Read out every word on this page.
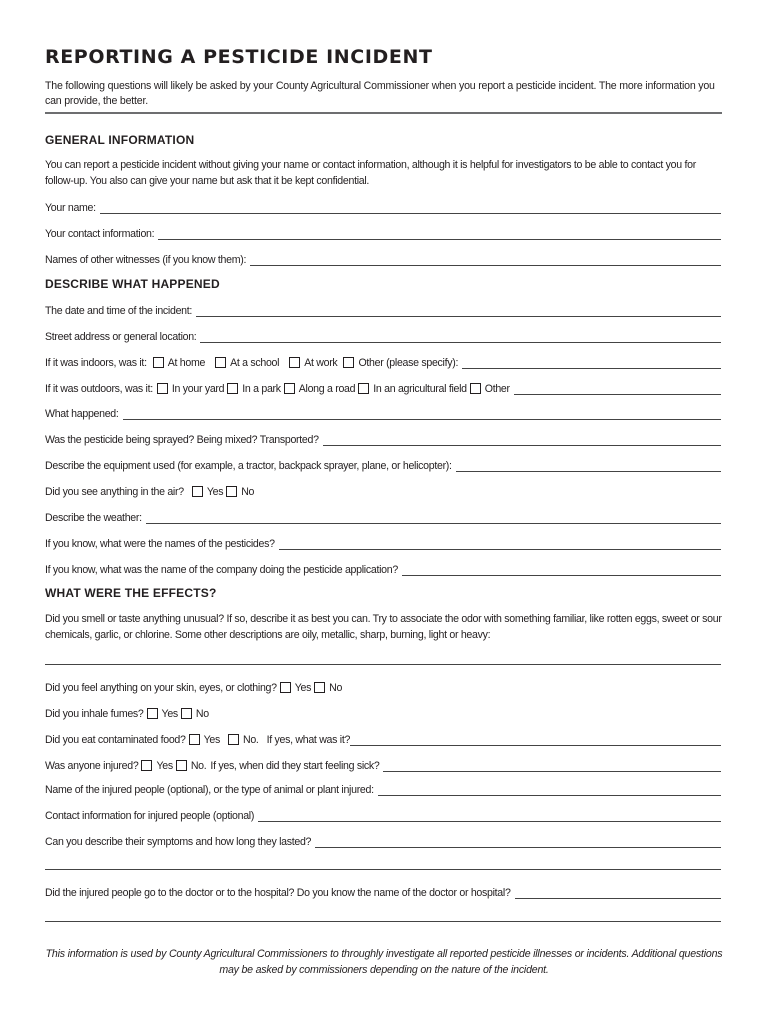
REPORTING A PESTICIDE INCIDENT

The following questions will likely be asked by your County Agricultural Commissioner when you report a pesticide incident. The more information you can provide, the better.

GENERAL INFORMATION

You can report a pesticide incident without giving your name or contact information, although it is helpful for investigators to be able to contact you for follow-up. You also can give your name but ask that it be kept confidential.

Your name:
Your contact information:
Names of other witnesses (if you know them):
DESCRIBE WHAT HAPPENED
The date and time of the incident:
Street address or general location:
If it was indoors, was it: At home At a school At work Other (please specify):
If it was outdoors, was it: In your yard In a park Along a road In an agricultural field Other
What happened:
Was the pesticide being sprayed? Being mixed? Transported?
Describe the equipment used (for example, a tractor, backpack sprayer, plane, or helicopter):
Did you see anything in the air? Yes No
Describe the weather:
If you know, what were the names of the pesticides?
If you know, what was the name of the company doing the pesticide application?
WHAT WERE THE EFFECTS?

Did you smell or taste anything unusual? If so, describe it as best you can. Try to associate the odor with something familiar, like rotten eggs, sweet or sour chemicals, garlic, or chlorine. Some other descriptions are oily, metallic, sharp, burning, light or heavy:

Did you feel anything on your skin, eyes, or clothing? Yes No
Did you inhale fumes? Yes No
Did you eat contaminated food? Yes No. If yes, what was it?
Was anyone injured? Yes No. If yes, when did they start feeling sick?
Name of the injured people (optional), or the type of animal or plant injured:
Contact information for injured people (optional)
Can you describe their symptoms and how long they lasted?
Did the injured people go to the doctor or to the hospital? Do you know the name of the doctor or hospital?

This information is used by County Agricultural Commissioners to throughly investigate all reported pesticide illnesses or incidents. Additional questions may be asked by commissioners depending on the nature of the incident.
